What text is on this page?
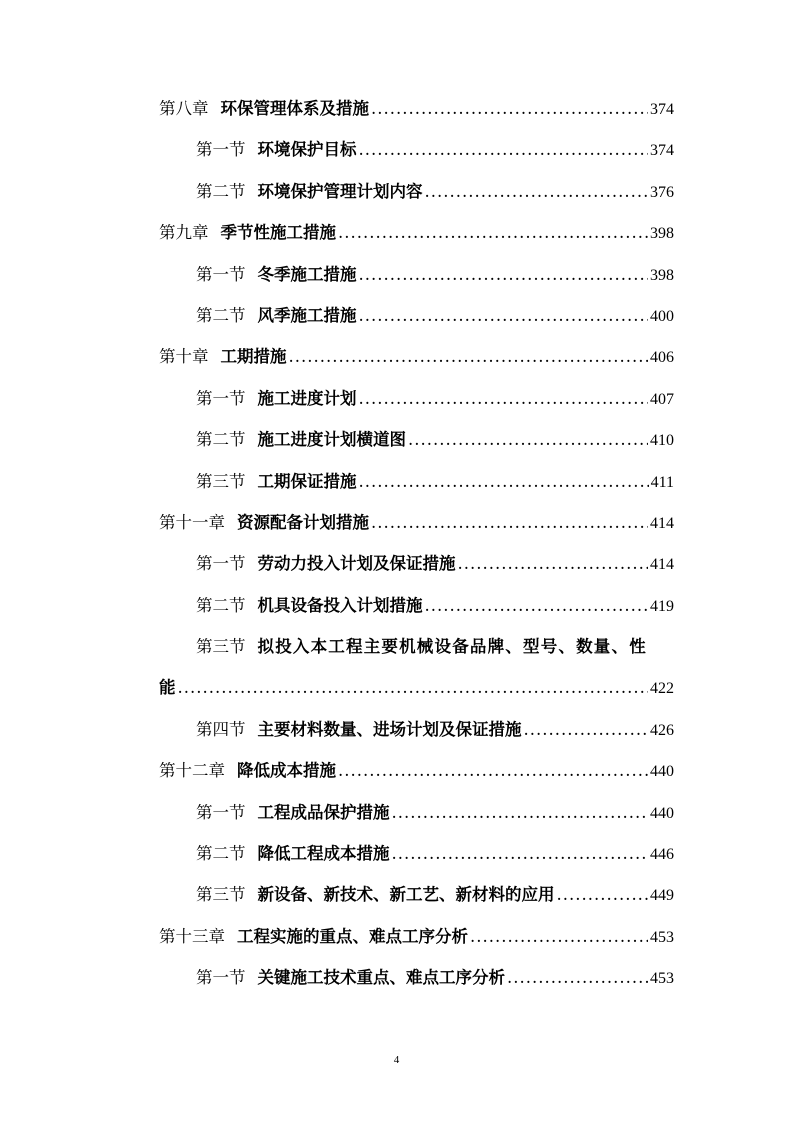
第八章 环保管理体系及措施 .....	374
第一节 环境保护目标 .....	374
第二节 环境保护管理计划内容 .....	376
第九章 季节性施工措施 .....	398
第一节 冬季施工措施 .....	398
第二节 风季施工措施 .....	400
第十章 工期措施 .....	406
第一节 施工进度计划 .....	407
第二节 施工进度计划横道图 .....	410
第三节 工期保证措施 .....	411
第十一章 资源配备计划措施 .....	414
第一节 劳动力投入计划及保证措施 .....	414
第二节 机具设备投入计划措施 .....	419
第三节 拟投入本工程主要机械设备品牌、型号、数量、性
能 .....	422
第四节 主要材料数量、进场计划及保证措施 .....	426
第十二章 降低成本措施 .....	440
第一节 工程成品保护措施 .....	440
第二节 降低工程成本措施 .....	446
第三节 新设备、新技术、新工艺、新材料的应用 .....	449
第十三章 工程实施的重点、难点工序分析 .....	453
第一节 关键施工技术重点、难点工序分析 .....	453
4
